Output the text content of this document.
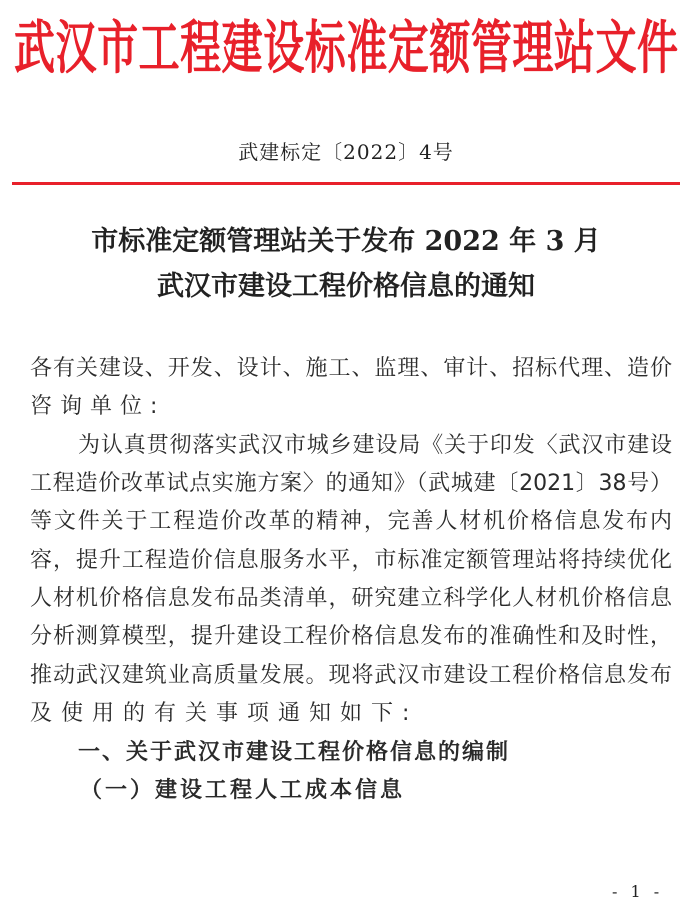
武汉市工程建设标准定额管理站文件
武建标定〔2022〕4号
市标准定额管理站关于发布 2022 年 3 月
武汉市建设工程价格信息的通知
各有关建设、开发、设计、施工、监理、审计、招标代理、造价
咨询单位:
为认真贯彻落实武汉市城乡建设局《关于印发〈武汉市建设
工程造价改革试点实施方案〉的通知》（武城建〔2021〕38号）
等文件关于工程造价改革的精神，完善人材机价格信息发布内
容，提升工程造价信息服务水平，市标准定额管理站将持续优化
人材机价格信息发布品类清单，研究建立科学化人材机价格信息
分析测算模型，提升建设工程价格信息发布的准确性和及时性，
推动武汉建筑业高质量发展。现将武汉市建设工程价格信息发布
及使用的有关事项通知如下:
一、关于武汉市建设工程价格信息的编制
（一）建设工程人工成本信息
- 1 -
